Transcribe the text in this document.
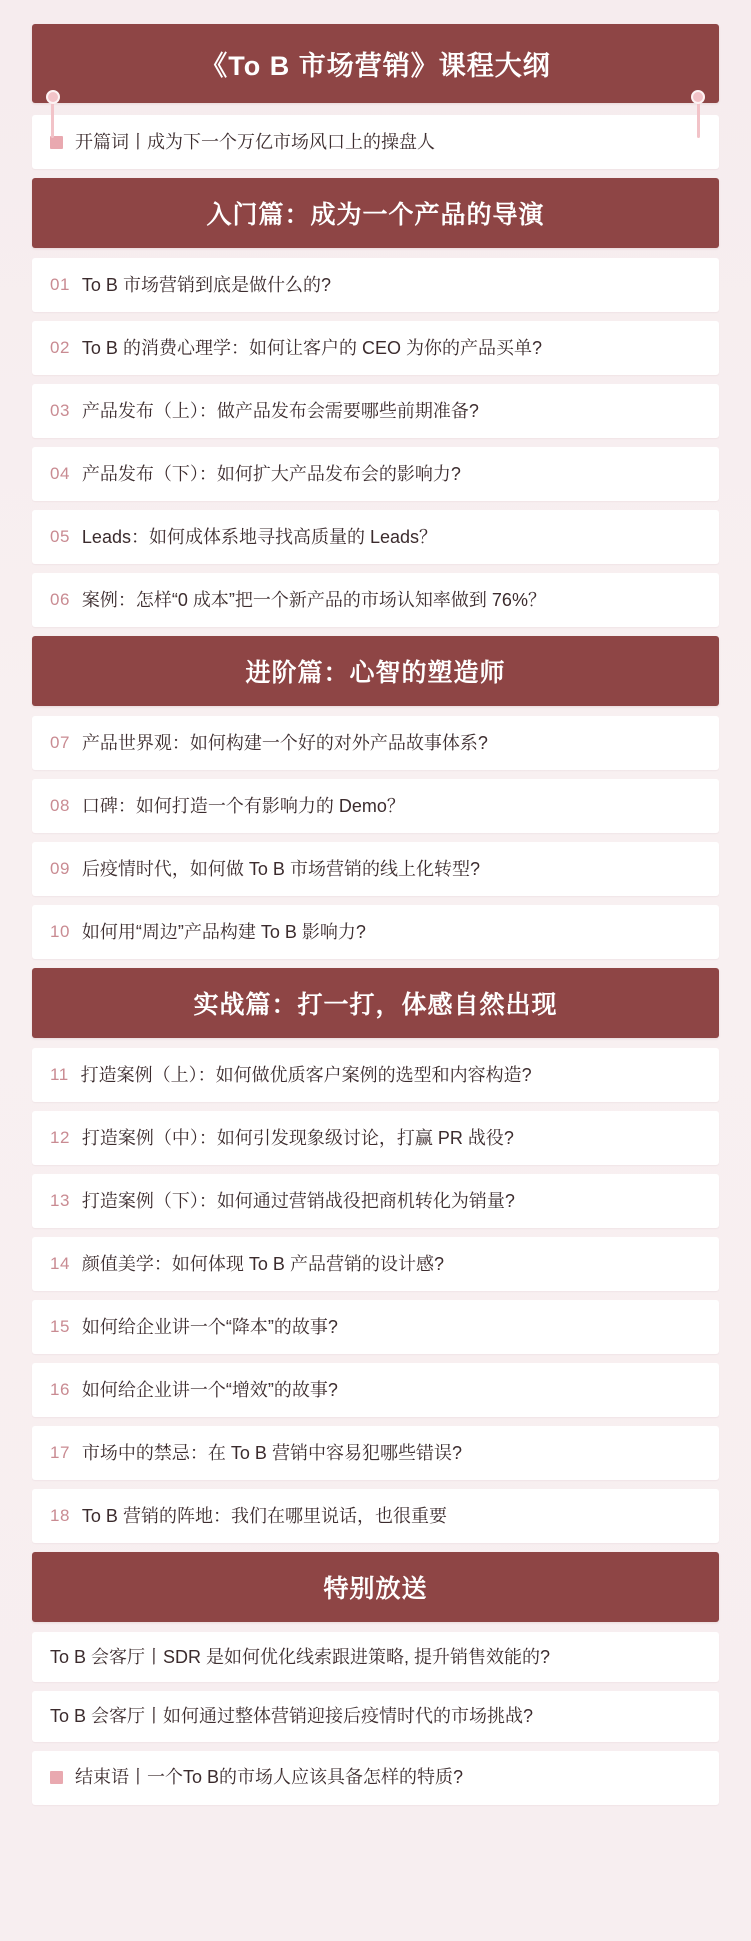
《To B 市场营销》课程大纲
开篇词丨成为下一个万亿市场风口上的操盘人
入门篇：成为一个产品的导演
01 To B 市场营销到底是做什么的?
02 To B 的消费心理学：如何让客户的 CEO 为你的产品买单?
03 产品发布（上）：做产品发布会需要哪些前期准备?
04 产品发布（下）：如何扩大产品发布会的影响力?
05 Leads：如何成体系地寻找高质量的 Leads？
06 案例：怎样“0 成本”把一个新产品的市场认知率做到 76%？
进阶篇：心智的塑造师
07 产品世界观：如何构建一个好的对外产品故事体系?
08 口碑：如何打造一个有影响力的 Demo？
09 后疫情时代，如何做 To B 市场营销的线上化转型?
10 如何用“周边”产品构建 To B 影响力?
实战篇：打一打，体感自然出现
11 打造案例（上）：如何做优质客户案例的选型和内容构造?
12 打造案例（中）：如何引发现象级讨论，打赢 PR 战役?
13 打造案例（下）：如何通过营销战役把商机转化为销量?
14 颜值美学：如何体现 To B 产品营销的设计感?
15 如何给企业讲一个“降本”的故事?
16 如何给企业讲一个“增效”的故事?
17 市场中的禁忌：在 To B 营销中容易犯哪些错误?
18 To B 营销的阵地：我们在哪里说话，也很重要
特别放送
To B 会客厅丨SDR 是如何优化线索跟进策略, 提升销售效能的?
To B 会客厅丨如何通过整体营销迎接后疫情时代的市场挑战?
结束语丨一个To B的市场人应该具备怎样的特质?
